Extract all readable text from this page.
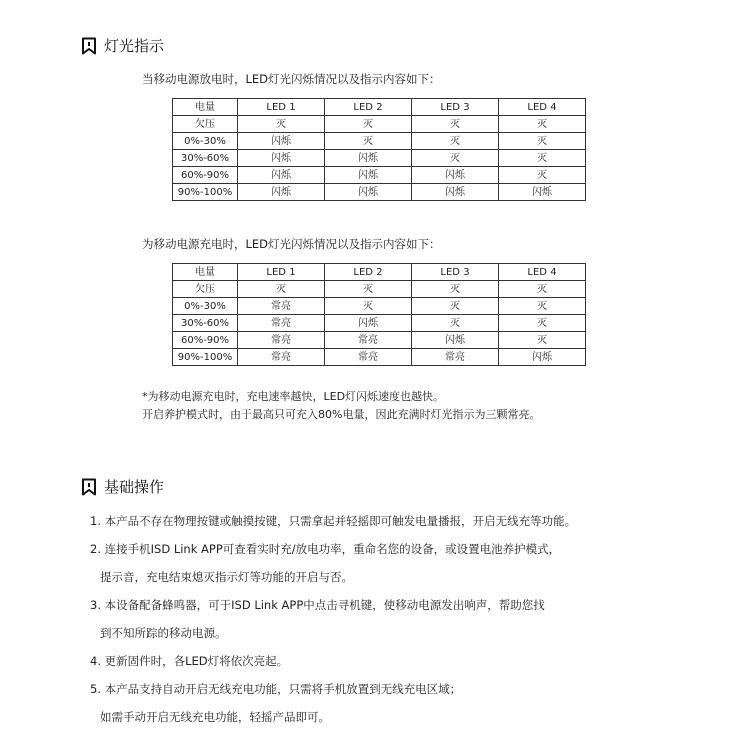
灯光指示
当移动电源放电时，LED灯光闪烁情况以及指示内容如下：
电量	LED 1	LED 2	LED 3	LED 4
欠压	灭	灭	灭	灭
0%-30%	闪烁	灭	灭	灭
30%-60%	闪烁	闪烁	灭	灭
60%-90%	闪烁	闪烁	闪烁	灭
90%-100%	闪烁	闪烁	闪烁	闪烁
为移动电源充电时，LED灯光闪烁情况以及指示内容如下：
电量	LED 1	LED 2	LED 3	LED 4
欠压	灭	灭	灭	灭
0%-30%	常亮	灭	灭	灭
30%-60%	常亮	闪烁	灭	灭
60%-90%	常亮	常亮	闪烁	灭
90%-100%	常亮	常亮	常亮	闪烁
*为移动电源充电时，充电速率越快，LED灯闪烁速度也越快。
开启养护模式时，由于最高只可充入80%电量，因此充满时灯光指示为三颗常亮。
基础操作
1. 本产品不存在物理按键或触摸按键，只需拿起并轻摇即可触发电量播报，开启无线充等功能。
2. 连接手机ISD Link APP可查看实时充/放电功率，重命名您的设备，或设置电池养护模式，
提示音，充电结束熄灭指示灯等功能的开启与否。
3. 本设备配备蜂鸣器，可于ISD Link APP中点击寻机键，使移动电源发出响声，帮助您找
到不知所踪的移动电源。
4. 更新固件时，各LED灯将依次亮起。
5. 本产品支持自动开启无线充电功能，只需将手机放置到无线充电区域；
如需手动开启无线充电功能，轻摇产品即可。
